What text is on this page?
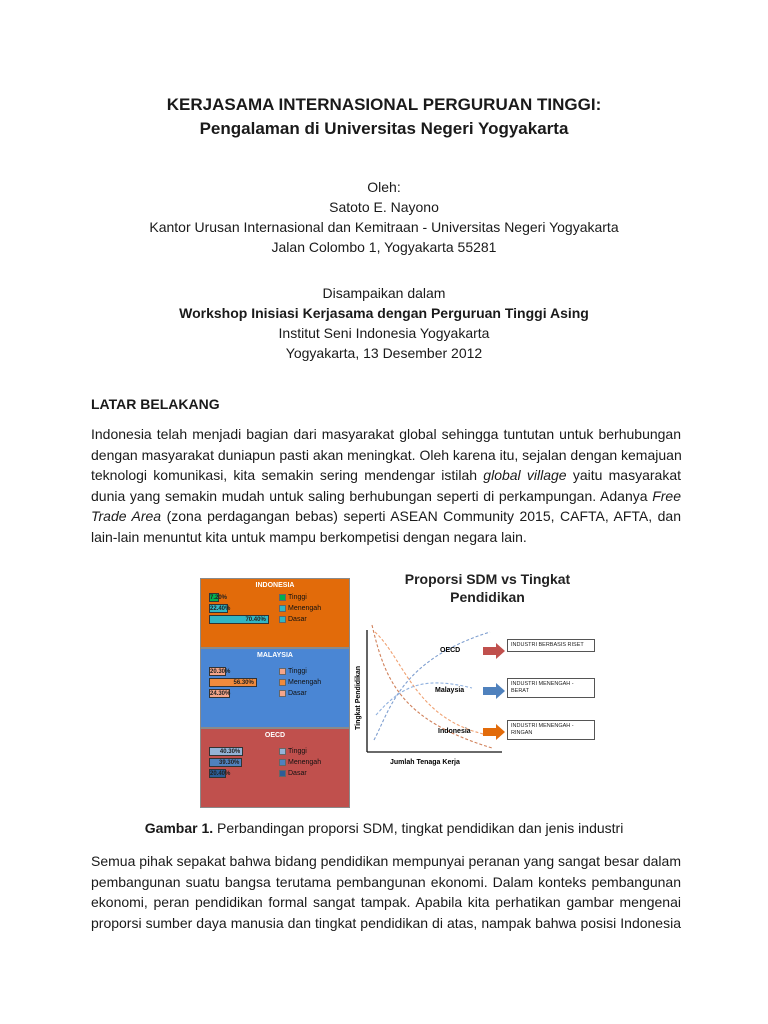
KERJASAMA INTERNASIONAL PERGURUAN TINGGI:
Pengalaman di Universitas Negeri Yogyakarta
Oleh:
Satoto E. Nayono
Kantor Urusan Internasional dan Kemitraan - Universitas Negeri Yogyakarta
Jalan Colombo 1, Yogyakarta 55281
Disampaikan dalam
Workshop Inisiasi Kerjasama dengan Perguruan Tinggi Asing
Institut Seni Indonesia Yogyakarta
Yogyakarta, 13 Desember 2012
LATAR BELAKANG
Indonesia telah menjadi bagian dari masyarakat global sehingga tuntutan untuk berhubungan
dengan masyarakat duniapun pasti akan meningkat. Oleh karena itu, sejalan dengan kemajuan
teknologi komunikasi, kita semakin sering mendengar istilah global village yaitu masyarakat
dunia yang semakin mudah untuk saling berhubungan seperti di perkampungan. Adanya Free
Trade Area (zona perdagangan bebas) seperti ASEAN Community 2015, CAFTA, AFTA, dan
lain-lain menuntut kita untuk mampu berkompetisi dengan negara lain.
INDONESIA
7.20%	Tinggi
22.40%	Menengah
70.40%	Dasar
MALAYSIA
20.30%	Tinggi
56.30%	Menengah
24.30%	Dasar
OECD
40.30%	Tinggi
39.30%	Menengah
20.40%	Dasar
Proporsi SDM vs Tingkat
Pendidikan
OECD
Malaysia
Indonesia
Tingkat Pendidikan
Jumlah Tenaga Kerja
INDUSTRI BERBASIS RISET
INDUSTRI MENENGAH - BERAT
INDUSTRI MENENGAH - RINGAN
Gambar 1. Perbandingan proporsi SDM, tingkat pendidikan dan jenis industri
Semua pihak sepakat bahwa bidang pendidikan mempunyai peranan yang sangat besar dalam
pembangunan suatu bangsa terutama pembangunan ekonomi. Dalam konteks pembangunan
ekonomi, peran pendidikan formal sangat tampak. Apabila kita perhatikan gambar mengenai
proporsi sumber daya manusia dan tingkat pendidikan di atas, nampak bahwa posisi Indonesia
